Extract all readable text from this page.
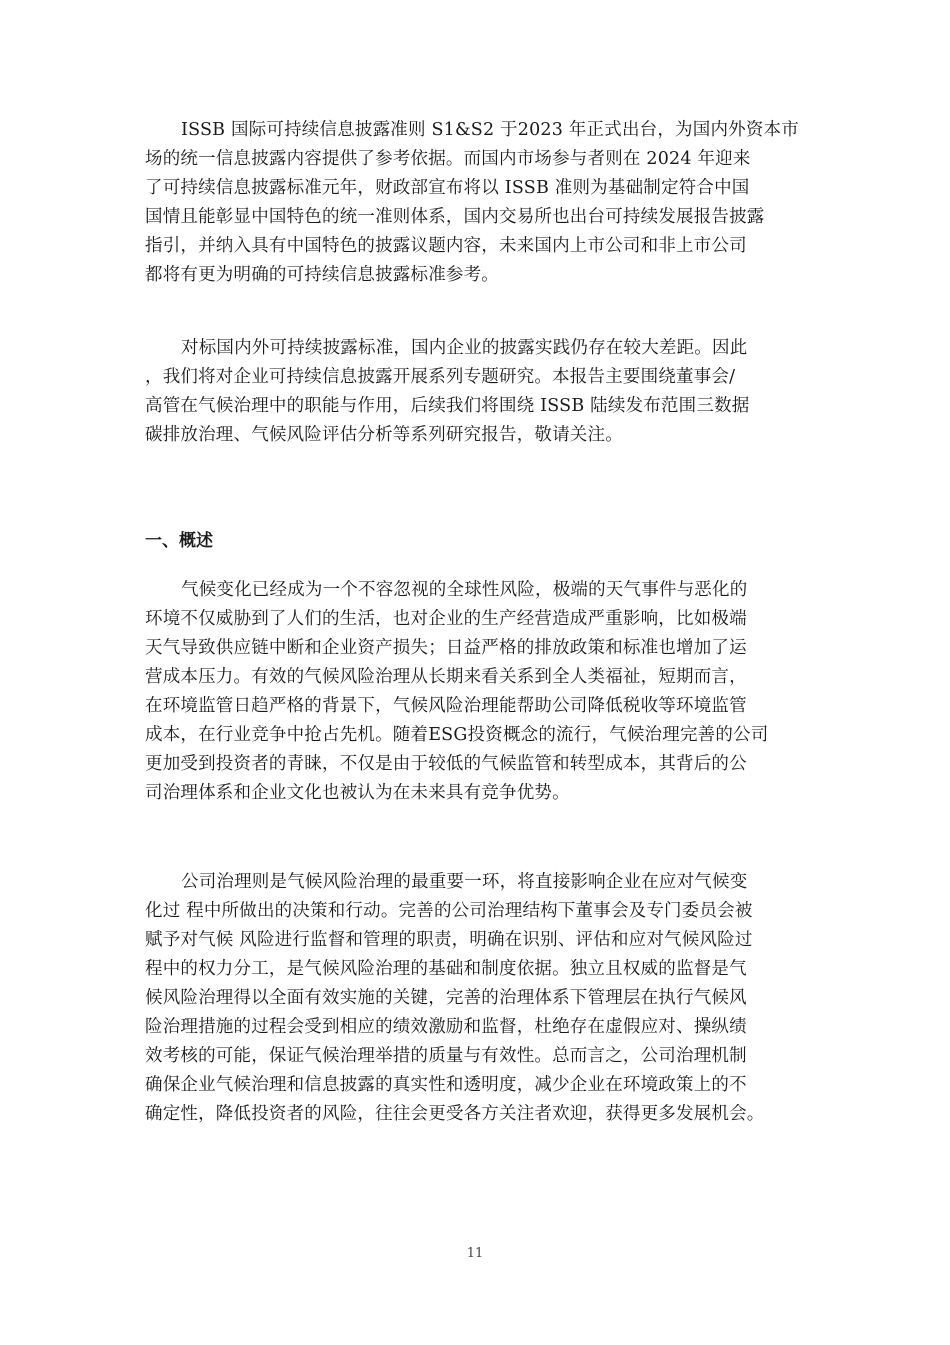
ISSB 国际可持续信息披露准则 S1&S2 于2023 年正式出台，为国内外资本市
场的统一信息披露内容提供了参考依据。而国内市场参与者则在 2024 年迎来
了可持续信息披露标准元年，财政部宣布将以 ISSB 准则为基础制定符合中国
国情且能彰显中国特色的统一准则体系，国内交易所也出台可持续发展报告披露
指引，并纳入具有中国特色的披露议题内容，未来国内上市公司和非上市公司
都将有更为明确的可持续信息披露标准参考。
对标国内外可持续披露标准，国内企业的披露实践仍存在较大差距。因此
，我们将对企业可持续信息披露开展系列专题研究。本报告主要围绕董事会/
高管在气候治理中的职能与作用，后续我们将围绕 ISSB 陆续发布范围三数据
碳排放治理、气候风险评估分析等系列研究报告，敬请关注。
一、概述
气候变化已经成为一个不容忽视的全球性风险，极端的天气事件与恶化的
环境不仅威胁到了人们的生活，也对企业的生产经营造成严重影响，比如极端
天气导致供应链中断和企业资产损失；日益严格的排放政策和标准也增加了运
营成本压力。有效的气候风险治理从长期来看关系到全人类福祉，短期而言，
在环境监管日趋严格的背景下，气候风险治理能帮助公司降低税收等环境监管
成本，在行业竞争中抢占先机。随着ESG投资概念的流行，气候治理完善的公司
更加受到投资者的青睐，不仅是由于较低的气候监管和转型成本，其背后的公
司治理体系和企业文化也被认为在未来具有竞争优势。
公司治理则是气候风险治理的最重要一环，将直接影响企业在应对气候变
化过 程中所做出的决策和行动。完善的公司治理结构下董事会及专门委员会被
赋予对气候 风险进行监督和管理的职责，明确在识别、评估和应对气候风险过
程中的权力分工，是气候风险治理的基础和制度依据。独立且权威的监督是气
候风险治理得以全面有效实施的关键，完善的治理体系下管理层在执行气候风
险治理措施的过程会受到相应的绩效激励和监督，杜绝存在虚假应对、操纵绩
效考核的可能，保证气候治理举措的质量与有效性。总而言之，公司治理机制
确保企业气候治理和信息披露的真实性和透明度，减少企业在环境政策上的不
确定性，降低投资者的风险，往往会更受各方关注者欢迎，获得更多发展机会。
11
